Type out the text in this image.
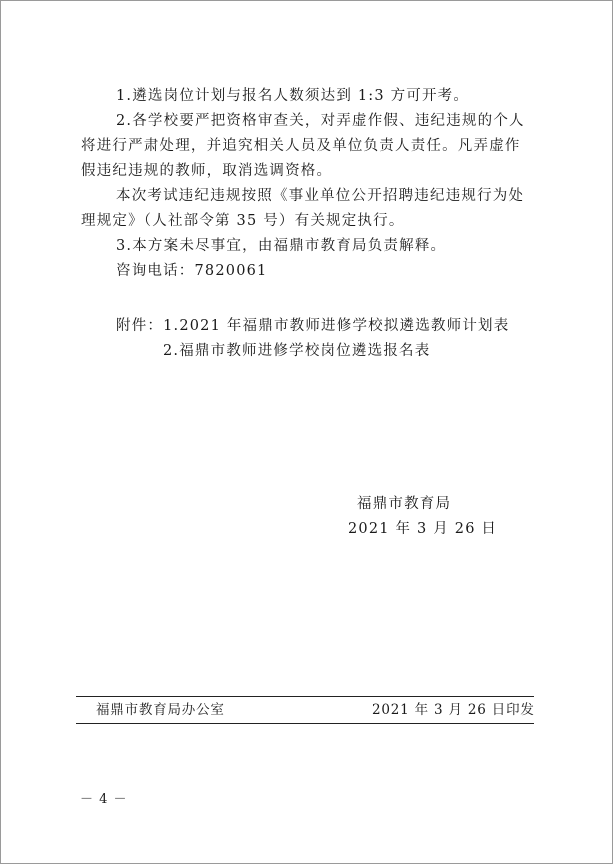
1.遴选岗位计划与报名人数须达到 1:3 方可开考。
2.各学校要严把资格审查关，对弄虚作假、违纪违规的个人
将进行严肃处理，并追究相关人员及单位负责人责任。凡弄虚作
假违纪违规的教师，取消选调资格。
本次考试违纪违规按照《事业单位公开招聘违纪违规行为处
理规定》（人社部令第 35 号）有关规定执行。
3.本方案未尽事宜，由福鼎市教育局负责解释。
咨询电话：7820061
附件：1.2021 年福鼎市教师进修学校拟遴选教师计划表
2.福鼎市教师进修学校岗位遴选报名表
福鼎市教育局
2021 年 3 月 26 日
福鼎市教育局办公室	2021 年 3 月 26 日印发
－ 4 －
